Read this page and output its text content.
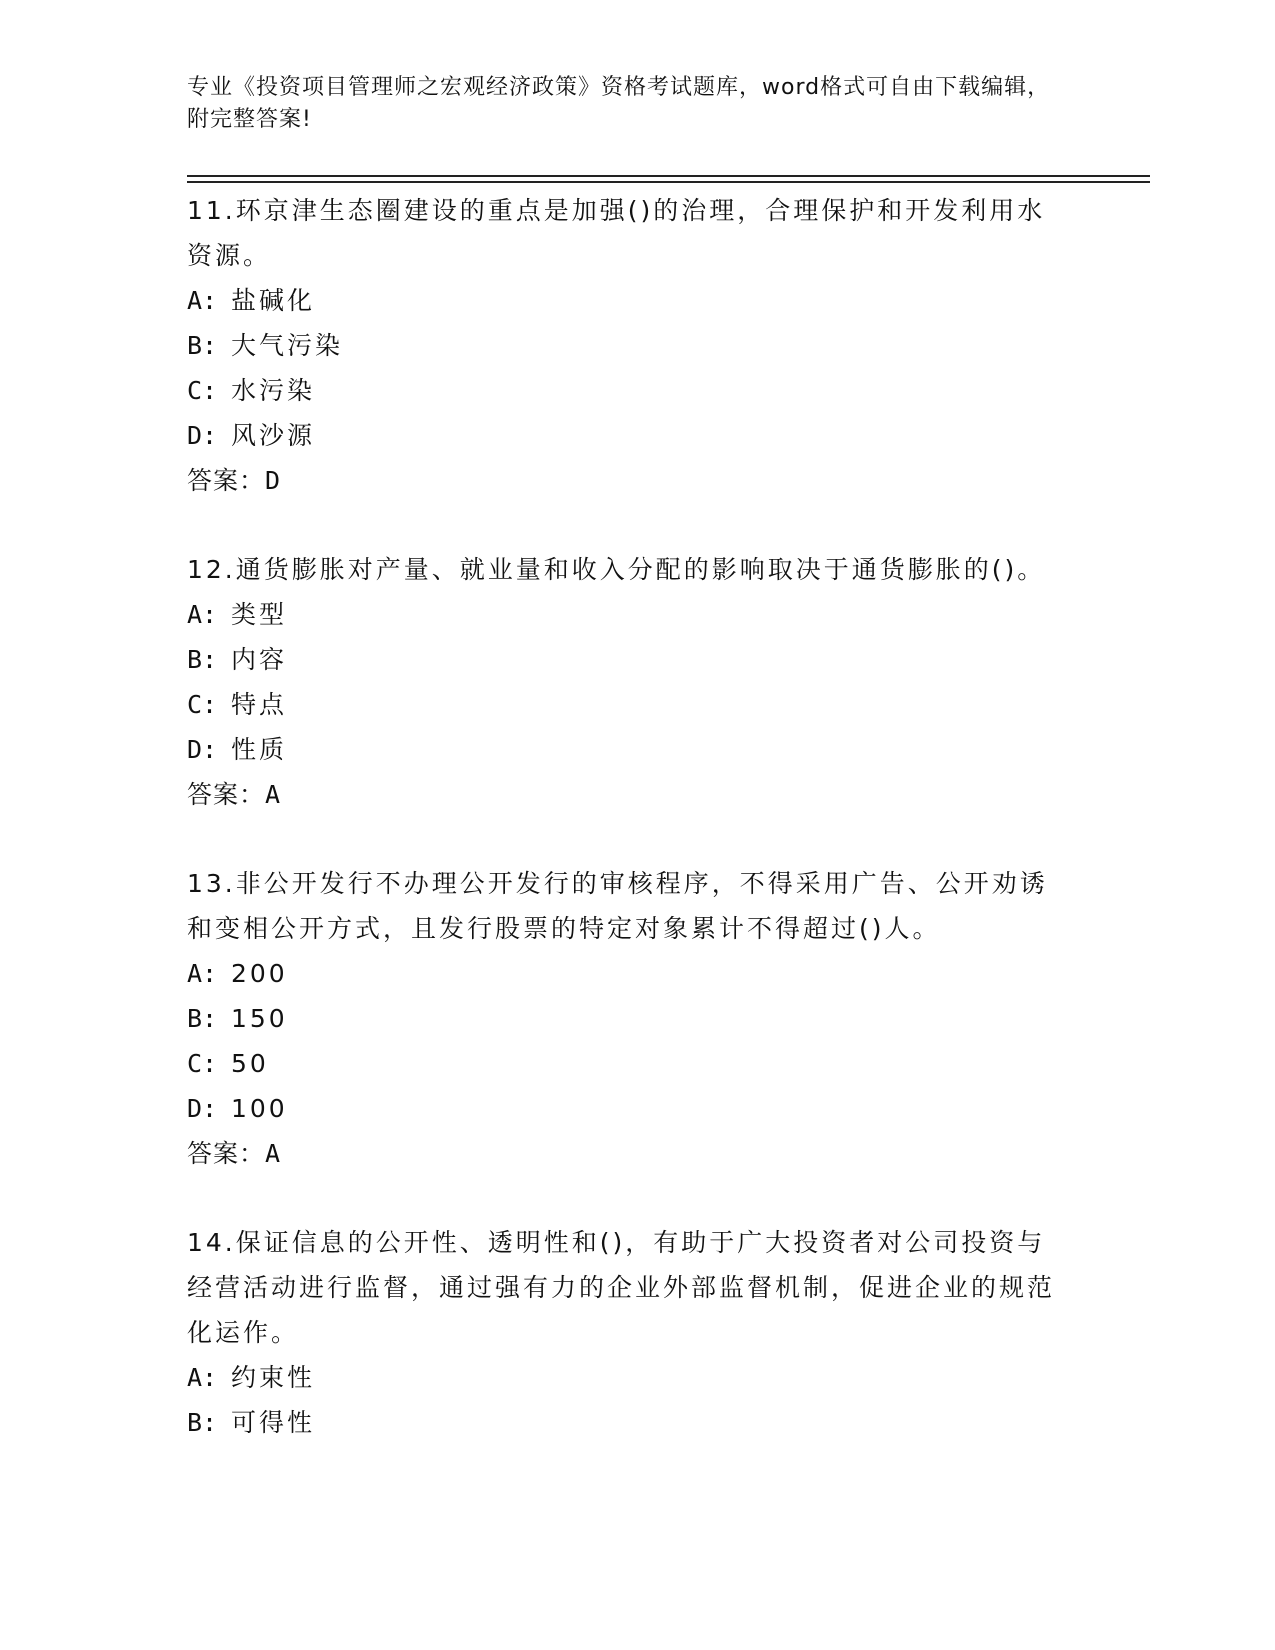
专业《投资项目管理师之宏观经济政策》资格考试题库，word格式可自由下载编辑，附完整答案!

11.环京津生态圈建设的重点是加强()的治理，合理保护和开发利用水资源。

A: 盐碱化
B: 大气污染
C: 水污染
D: 风沙源

答案：D

12.通货膨胀对产量、就业量和收入分配的影响取决于通货膨胀的()。

A: 类型
B: 内容
C: 特点
D: 性质

答案：A

13.非公开发行不办理公开发行的审核程序，不得采用广告、公开劝诱和变相公开方式，且发行股票的特定对象累计不得超过()人。

A: 200
B: 150
C: 50
D: 100

答案：A

14.保证信息的公开性、透明性和()，有助于广大投资者对公司投资与经营活动进行监督，通过强有力的企业外部监督机制，促进企业的规范化运作。

A: 约束性
B: 可得性
